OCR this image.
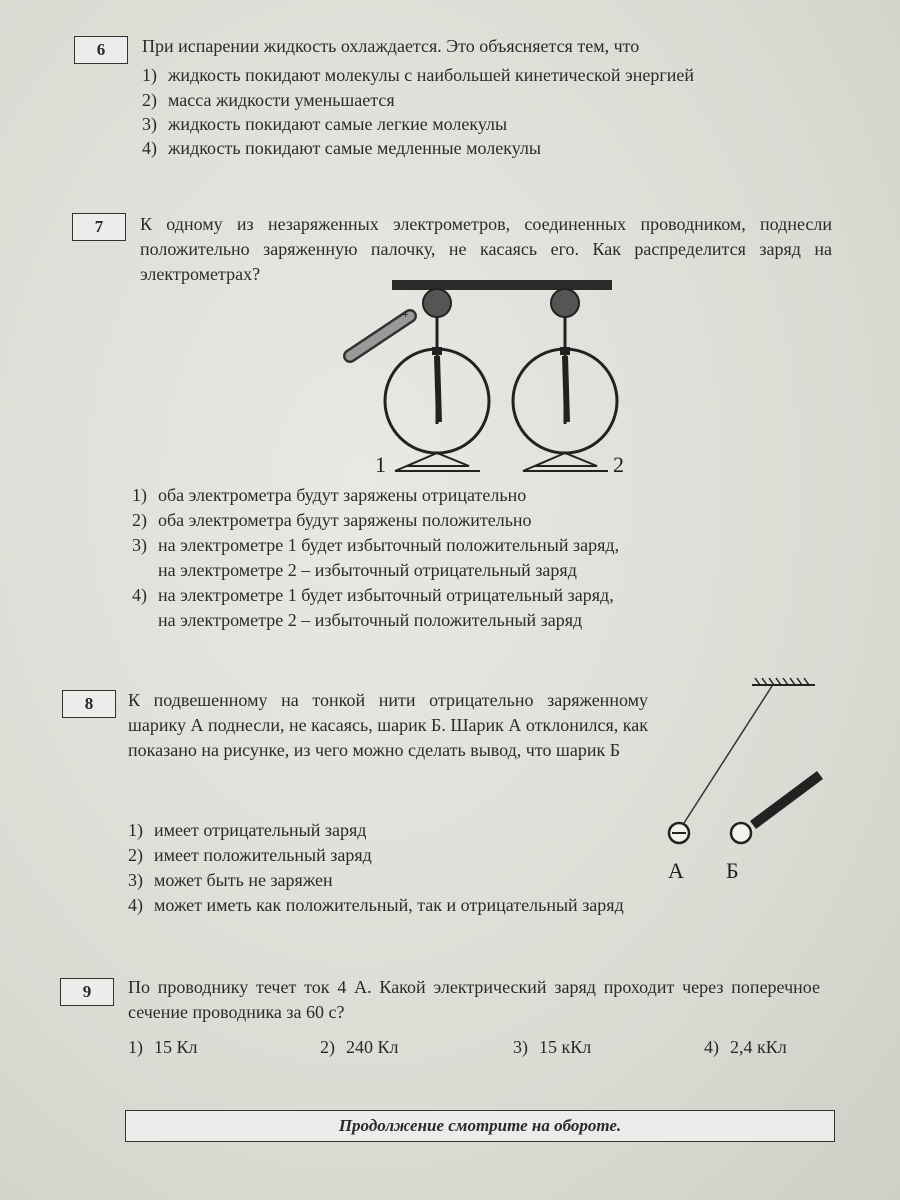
6	При испарении жидкость охлаждается. Это объясняется тем, что
1) жидкость покидают молекулы с наибольшей кинетической энергией
2) масса жидкости уменьшается
3) жидкость покидают самые легкие молекулы
4) жидкость покидают самые медленные молекулы
7	К одному из незаряженных электрометров, соединенных проводником, поднесли положительно заряженную палочку, не касаясь его. Как распределится заряд на электрометрах?
+
1	2
1) оба электрометра будут заряжены отрицательно
2) оба электрометра будут заряжены положительно
3) на электрометре 1 будет избыточный положительный заряд,
на электрометре 2 – избыточный отрицательный заряд
4) на электрометре 1 будет избыточный отрицательный заряд,
на электрометре 2 – избыточный положительный заряд
8	К подвешенному на тонкой нити отрицательно заряженному шарику А поднесли, не касаясь, шарик Б. Шарик А отклонился, как показано на рисунке, из чего можно сделать вывод, что шарик Б
А Б
1) имеет отрицательный заряд
2) имеет положительный заряд
3) может быть не заряжен
4) может иметь как положительный, так и отрицательный заряд
9	По проводнику течет ток 4 А. Какой электрический заряд проходит через поперечное сечение проводника за 60 с?
1) 15 Кл	2) 240 Кл	3) 15 кКл	4) 2,4 кКл
Продолжение смотрите на обороте.
